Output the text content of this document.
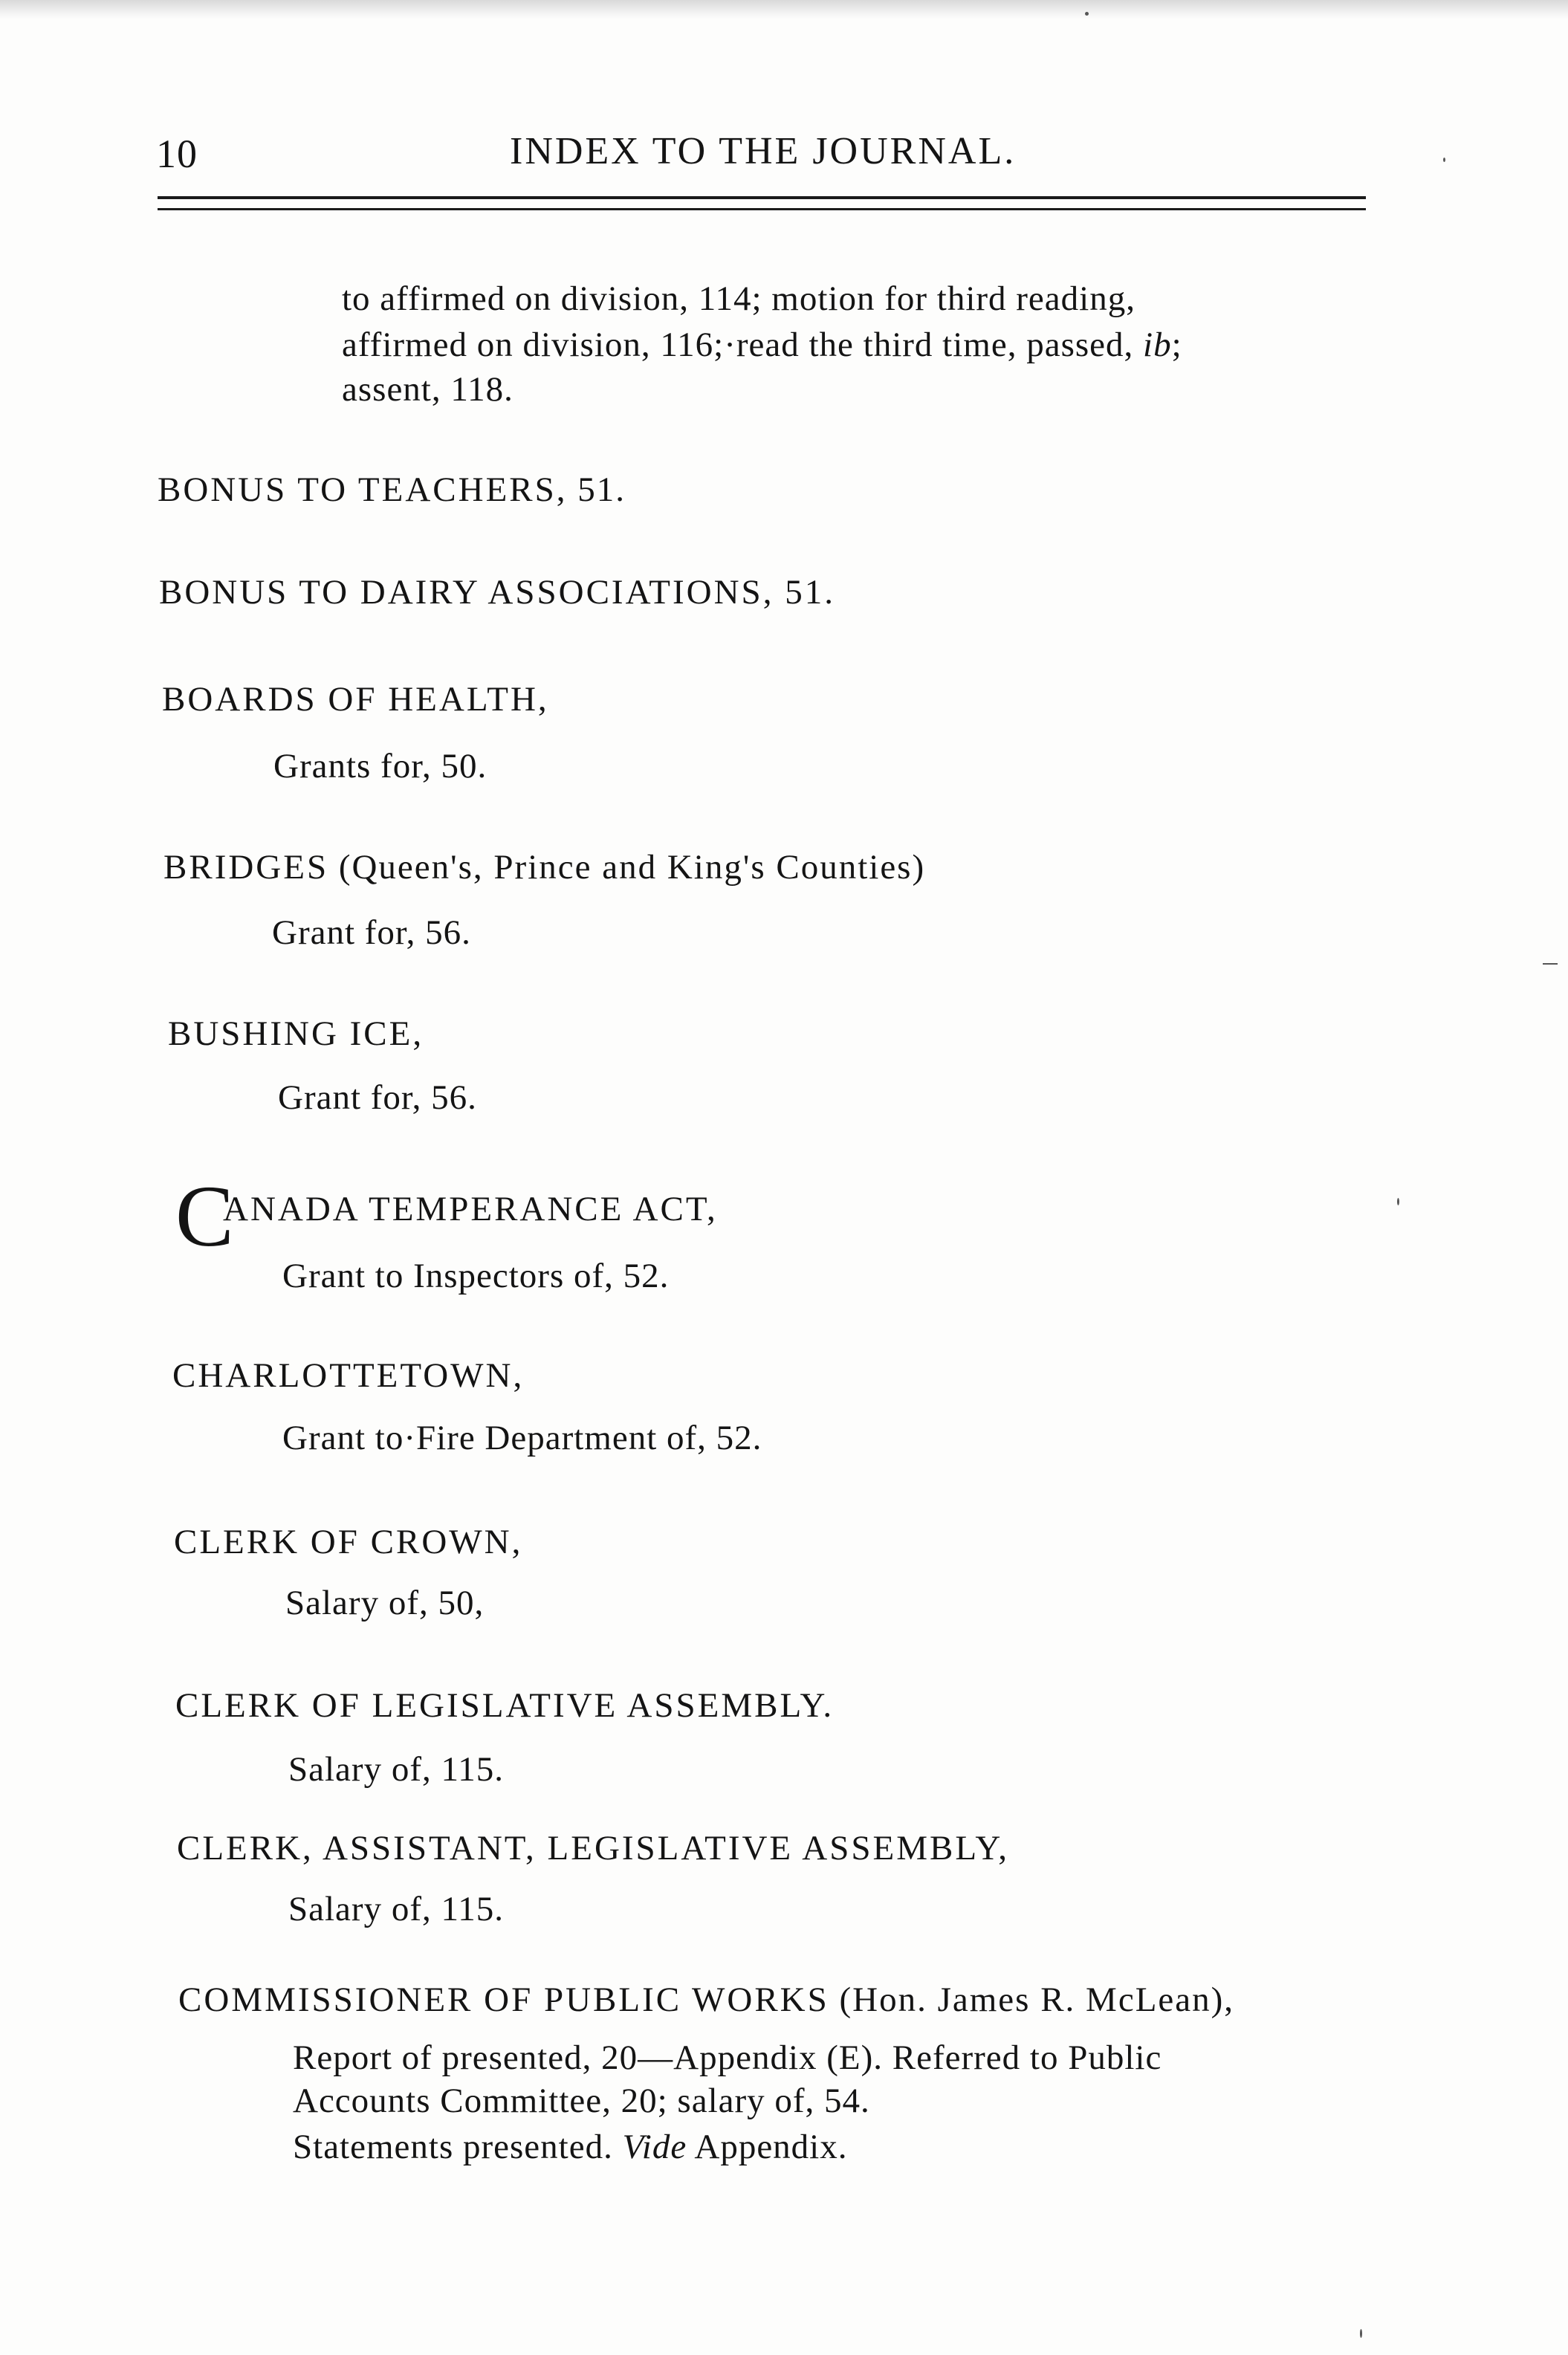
10	INDEX TO THE JOURNAL.
to affirmed on division, 114; motion for third reading,
affirmed on division, 116;·read the third time, passed, ib;
assent, 118.
BONUS TO TEACHERS, 51.
BONUS TO DAIRY ASSOCIATIONS, 51.
BOARDS OF HEALTH,
Grants for, 50.
BRIDGES (Queen's, Prince and King's Counties)
Grant for, 56.
BUSHING ICE,
Grant for, 56.
C
ANADA TEMPERANCE ACT,
Grant to Inspectors of, 52.
CHARLOTTETOWN,
Grant to·Fire Department of, 52.
CLERK OF CROWN,
Salary of, 50,
CLERK OF LEGISLATIVE ASSEMBLY.
Salary of, 115.
CLERK, ASSISTANT, LEGISLATIVE ASSEMBLY,
Salary of, 115.
COMMISSIONER OF PUBLIC WORKS (Hon. James R. McLean),
Report of presented, 20—Appendix (E). Referred to Public
Accounts Committee, 20; salary of, 54.
Statements presented. Vide Appendix.
